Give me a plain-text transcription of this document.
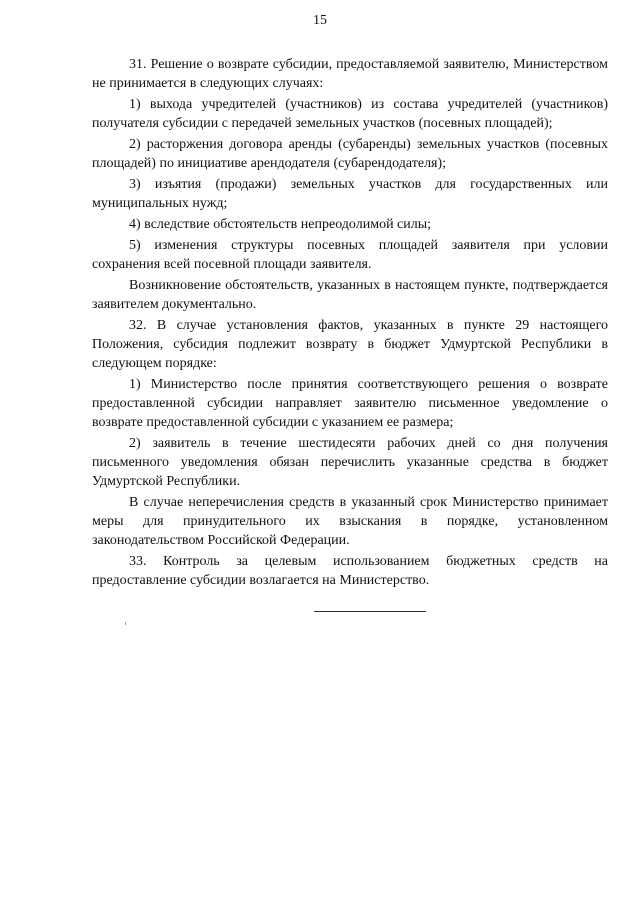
15

31. Решение о возврате субсидии, предоставляемой заявителю, Министерством не принимается в следующих случаях:

1) выхода учредителей (участников) из состава учредителей (участников) получателя субсидии с передачей земельных участков (посевных площадей);

2) расторжения договора аренды (субаренды) земельных участков (посевных площадей) по инициативе арендодателя (субарендодателя);

3) изъятия (продажи) земельных участков для государственных или муниципальных нужд;

4) вследствие обстоятельств непреодолимой силы;

5) изменения структуры посевных площадей заявителя при условии сохранения всей посевной площади заявителя.

Возникновение обстоятельств, указанных в настоящем пункте, подтверждается заявителем документально.

32. В случае установления фактов, указанных в пункте 29 настоящего Положения, субсидия подлежит возврату в бюджет Удмуртской Республики в следующем порядке:

1) Министерство после принятия соответствующего решения о возврате предоставленной субсидии направляет заявителю письменное уведомление о возврате предоставленной субсидии с указанием ее размера;

2) заявитель в течение шестидесяти рабочих дней со дня получения письменного уведомления обязан перечислить указанные средства в бюджет Удмуртской Республики.

В случае неперечисления средств в указанный срок Министерство принимает меры для принудительного их взыскания в порядке, установленном законодательством Российской Федерации.

33. Контроль за целевым использованием бюджетных средств на предоставление субсидии возлагается на Министерство.
